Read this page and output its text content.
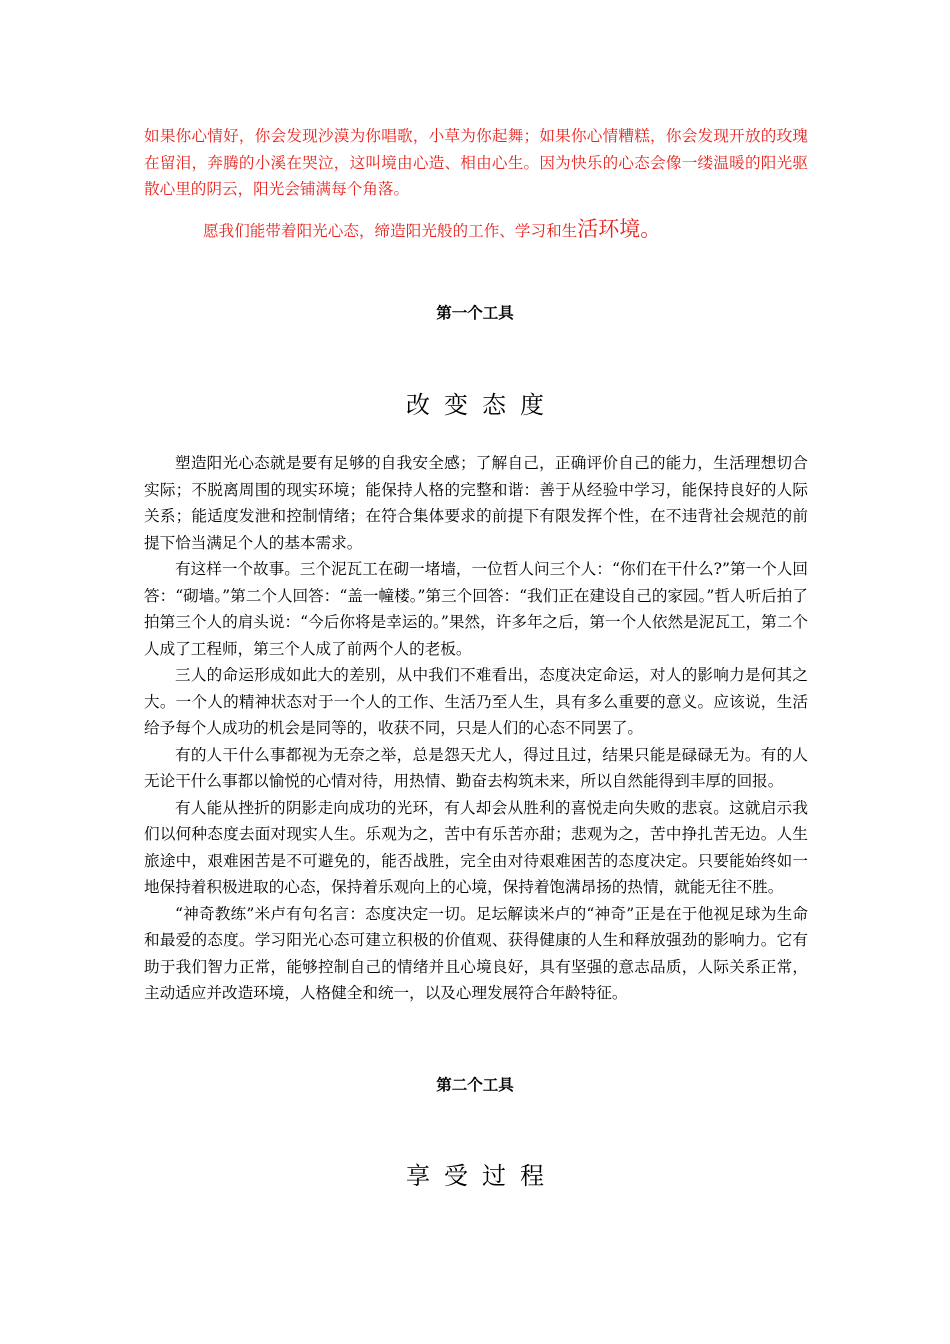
如果你心情好，你会发现沙漠为你唱歌，小草为你起舞；如果你心情糟糕，你会发现开放的玫瑰在留泪，奔腾的小溪在哭泣，这叫境由心造、相由心生。因为快乐的心态会像一缕温暖的阳光驱散心里的阴云，阳光会铺满每个角落。
愿我们能带着阳光心态，缔造阳光般的工作、学习和生活环境。
第一个工具
改变态度

塑造阳光心态就是要有足够的自我安全感；了解自己，正确评价自己的能力，生活理想切合实际；不脱离周围的现实环境；能保持人格的完整和谐：善于从经验中学习，能保持良好的人际关系；能适度发泄和控制情绪；在符合集体要求的前提下有限发挥个性，在不违背社会规范的前提下恰当满足个人的基本需求。

有这样一个故事。三个泥瓦工在砌一堵墙，一位哲人问三个人：“你们在干什么?”第一个人回答：“砌墙。”第二个人回答：“盖一幢楼。”第三个回答：“我们正在建设自己的家园。”哲人听后拍了拍第三个人的肩头说：“今后你将是幸运的。”果然，许多年之后，第一个人依然是泥瓦工，第二个人成了工程师，第三个人成了前两个人的老板。

三人的命运形成如此大的差别，从中我们不难看出，态度决定命运，对人的影响力是何其之大。一个人的精神状态对于一个人的工作、生活乃至人生，具有多么重要的意义。应该说，生活给予每个人成功的机会是同等的，收获不同，只是人们的心态不同罢了。

有的人干什么事都视为无奈之举，总是怨天尤人，得过且过，结果只能是碌碌无为。有的人无论干什么事都以愉悦的心情对待，用热情、勤奋去构筑未来，所以自然能得到丰厚的回报。

有人能从挫折的阴影走向成功的光环，有人却会从胜利的喜悦走向失败的悲哀。这就启示我们以何种态度去面对现实人生。乐观为之，苦中有乐苦亦甜；悲观为之，苦中挣扎苦无边。人生旅途中，艰难困苦是不可避免的，能否战胜，完全由对待艰难困苦的态度决定。只要能始终如一地保持着积极进取的心态，保持着乐观向上的心境，保持着饱满昂扬的热情，就能无往不胜。

“神奇教练”米卢有句名言：态度决定一切。足坛解读米卢的“神奇”正是在于他视足球为生命和最爱的态度。学习阳光心态可建立积极的价值观、获得健康的人生和释放强劲的影响力。它有助于我们智力正常，能够控制自己的情绪并且心境良好，具有坚强的意志品质，人际关系正常，主动适应并改造环境，人格健全和统一，以及心理发展符合年龄特征。

第二个工具
享受过程
